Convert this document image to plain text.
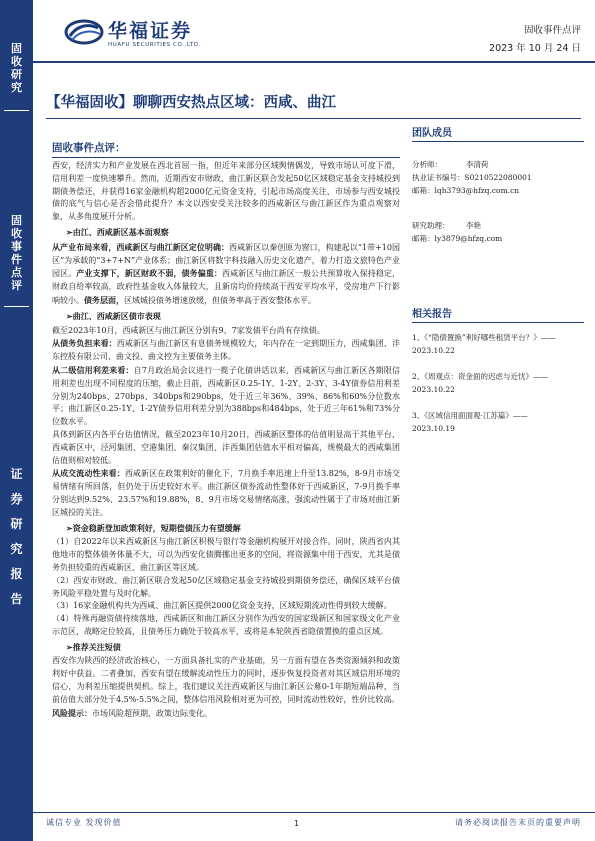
固
收
研
究
固
收
事
件
点
评
证
券
研
究
报
告
华福证券
HUAFU SECURITIES CO.,LTD.
固收事件点评
2023 年 10 月 24 日
【华福固收】聊聊西安热点区域：西咸、曲江
固收事件点评：

西安，经济实力和产业发展在西北首屈一指，但近年来部分区域舆情偶发，导致市场认可度下滑，信用利差一度快速攀升。然而，近期西安市财政、曲江新区联合发起50亿区域稳定基金支持城投到期债务偿还，并获得16家金融机构超2000亿元资金支持，引起市场高度关注，市场参与西安城投债的底气与信心是否会借此提升？本文以西安受关注较多的西咸新区与曲江新区作为重点观察对象，从多角度展开分析。

➢ 由江、西咸新区基本面观察

从产业布局来看，西咸新区与曲江新区定位明确：西咸新区以秦创原为窗口，构建起以“1带+10园区”为承载的“3+7+N”产业体系；曲江新区将数字科技融入历史文化遗产，着力打造文旅特色产业园区。产业支撑下，新区财政不弱，债务偏重：西咸新区与曲江新区一般公共预算收入保持稳定，财政自给率较高，政府性基金收入体量较大，且新房均价持续高于西安平均水平，受房地产下行影响较小。债务层面，区域城投债务增速放缓，但债务率高于西安整体水平。

➢ 曲江、西咸新区债市表现

截至2023年10月，西咸新区与曲江新区分别有9、7家发债平台尚有存续债。

从债务负担来看：西咸新区与曲江新区有息债务规模较大，年内存在一定到期压力，西咸集团、沣东控股有限公司、曲文投、曲文控为主要债务主体。

从二级信用利差来看：自7月政治局会议进行一揽子化债讲话以来，西咸新区与曲江新区各期限信用利差也出现不同程度的压缩，截止目前，西咸新区0.25-1Y、1-2Y、2-3Y、3-4Y债券信用利差分别为240bps、270bps、340bps和290bps，处于近三年36%、39%、86%和60%分位数水平；曲江新区0.25-1Y、1-2Y债券信用利差分别为388bps和484bps，处于近三年61%和73%分位数水平。

具体到新区内各平台估值情况，截至2023年10月20日，西咸新区整体的估值明显高于其他平台，西咸新区中，泾河集团、空港集团、秦汉集团、沣西集团估值水平相对偏高，规模最大的西咸集团估值则相对较低。

从成交流动性来看：西咸新区在政策利好的催化下，7月换手率迅速上升至13.82%，8-9月市场交易情绪有所回落，但仍处于历史较好水平。曲江新区债券流动性整体好于西咸新区，7-9月换手率分别达到9.52%、23.57%和19.88%，8、9月市场交易情绪高涨，强流动性属于了市场对曲江新区城投的关注。

➢ 资金稳新登加政策利好，短期偿债压力有望缓解

（1）自2022年以来西咸新区与曲江新区积极与银行等金融机构展开对接合作。同时，陕西省内其他地市的整体债务体量不大，可以为西安化债腾挪出更多的空间，将资源集中用于西安，尤其是债务负担较重的西咸新区、曲江新区等区域。

（2）西安市财政、曲江新区联合发起50亿区域稳定基金支持城投到期债务偿还，确保区域平台债务风险平稳处置与及时化解。

（3）16家金融机构共为西咸、曲江新区提供2000亿资金支持，区域短期流动性得到较大缓解。

（4）特殊再融资债持续落地，西咸新区和曲江新区分别作为西安的国家级新区和国家级文化产业示范区，战略定位较高，且债务压力确处于较高水平，或将是本轮陕西省隐债置换的重点区域。

➢ 推荐关注短债

西安作为陕西的经济政治核心，一方面具备扎实的产业基础，另一方面有望在各类资源倾斜和政策利好中获益。二者叠加，西安有望在缓解流动性压力的同时，逐步恢复投资者对其区域信用环境的信心，为利差压缩提供契机。综上，我们建议关注西咸新区与曲江新区公募0-1年期短端品种，当前估值大部分处于4.5%-5.5%之间，整体信用风险相对更为可控，同时流动性较好，性价比较高。

风险提示：市场风险超预期，政策边际变化。

团队成员
分析师：	李清荷
执业证书编号：S0210522080001
邮箱：lqh3793@hfzq.com.cn
研究助理：	李艳
邮箱：ly3879@hfzq.com
相关报告
1、《“隐债置换”利好哪些租赁平台？》——
2023.10.22
2、《周观点：资金面的迟虑与近忧》——
2023.10.22
3、《区域信用面面观·江苏篇》——
2023.10.19
诚信专业 发现价值	1	请务必阅读报告末页的重要声明
